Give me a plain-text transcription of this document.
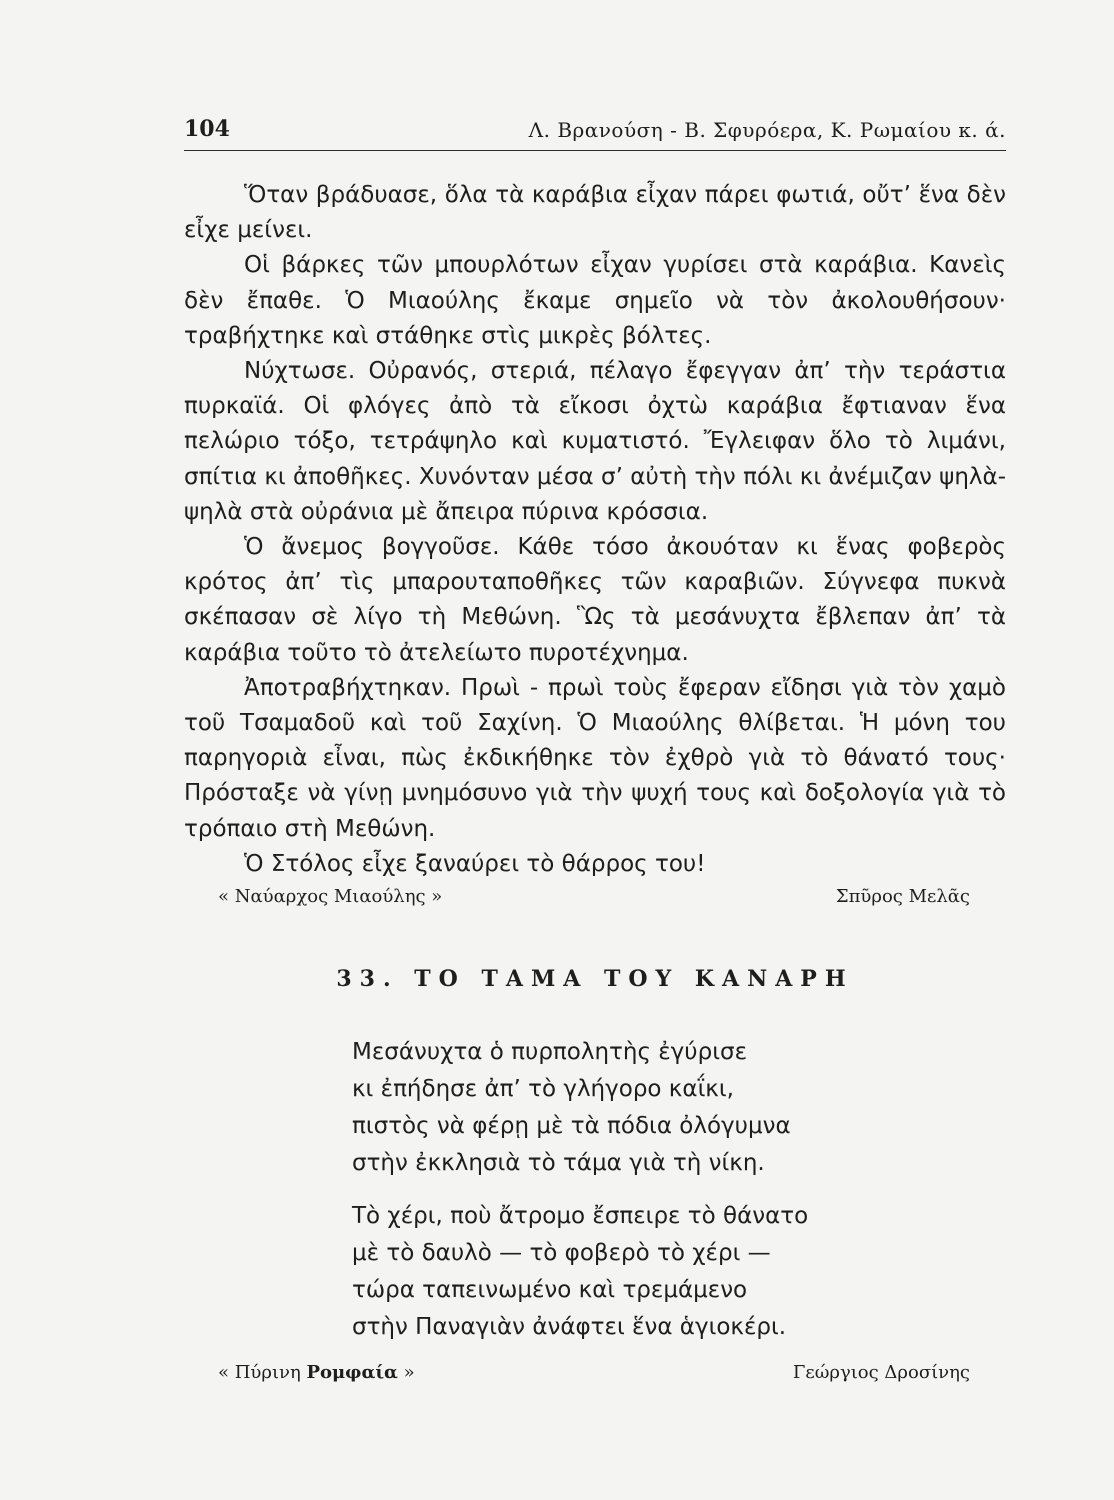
104	Λ. Βρανούση - Β. Σφυρόερα, Κ. Ρωμαίου κ. ά.

Ὅταν βράδυασε, ὅλα τὰ καράβια εἶχαν πάρει φωτιά, οὔτ’ ἕνα δὲν εἶχε μείνει.

Οἱ βάρκες τῶν μπουρλότων εἶχαν γυρίσει στὰ καράβια. Κανεὶς δὲν ἔπαθε. Ὁ Μιαούλης ἔκαμε σημεῖο νὰ τὸν ἀκολουθήσουν· τραβήχτηκε καὶ στάθηκε στὶς μικρὲς βόλτες.

Νύχτωσε. Οὐρανός, στεριά, πέλαγο ἔφεγγαν ἀπ’ τὴν τεράστια πυρκαϊά. Οἱ φλόγες ἀπὸ τὰ εἴκοσι ὀχτὼ καράβια ἔφτιαναν ἕνα πελώριο τόξο, τετράψηλο καὶ κυματιστό. Ἔγλειφαν ὅλο τὸ λιμάνι, σπίτια κι ἀποθῆκες. Χυνόνταν μέσα σ’ αὐτὴ τὴν πόλι κι ἀνέμιζαν ψηλὰ-ψηλὰ στὰ οὐράνια μὲ ἄπειρα πύρινα κρόσσια.

Ὁ ἄνεμος βογγοῦσε. Κάθε τόσο ἀκουόταν κι ἕνας φοβερὸς κρότος ἀπ’ τὶς μπαρουταποθῆκες τῶν καραβιῶν. Σύγνεφα πυκνὰ σκέπασαν σὲ λίγο τὴ Μεθώνη. Ὣς τὰ μεσάνυχτα ἔβλεπαν ἀπ’ τὰ καράβια τοῦτο τὸ ἀτελείωτο πυροτέχνημα.

Ἀποτραβήχτηκαν. Πρωὶ - πρωὶ τοὺς ἔφεραν εἴδησι γιὰ τὸν χαμὸ τοῦ Τσαμαδοῦ καὶ τοῦ Σαχίνη. Ὁ Μιαούλης θλίβεται. Ἡ μόνη του παρηγοριὰ εἶναι, πὼς ἐκδικήθηκε τὸν ἐχθρὸ γιὰ τὸ θάνατό τους· Πρόσταξε νὰ γίνῃ μνημόσυνο γιὰ τὴν ψυχή τους καὶ δοξολογία γιὰ τὸ τρόπαιο στὴ Μεθώνη.

Ὁ Στόλος εἶχε ξαναύρει τὸ θάρρος του!

« Ναύαρχος Μιαούλης »	Σπῦρος Μελᾶς
33. ΤΟ ΤΑΜΑ ΤΟΥ ΚΑΝΑΡΗ
Μεσάνυχτα ὁ πυρπολητὴς ἐγύρισε
κι ἐπήδησε ἀπ’ τὸ γλήγορο καΐκι,
πιστὸς νὰ φέρῃ μὲ τὰ πόδια ὀλόγυμνα
στὴν ἐκκλησιὰ τὸ τάμα γιὰ τὴ νίκη.
Τὸ χέρι, ποὺ ἄτρομο ἔσπειρε τὸ θάνατο
μὲ τὸ δαυλὸ — τὸ φοβερὸ τὸ χέρι —
τώρα ταπεινωμένο καὶ τρεμάμενο
στὴν Παναγιὰν ἀνάφτει ἕνα ἁγιοκέρι.
« Πύρινη Ρομφαία »	Γεώργιος Δροσίνης
